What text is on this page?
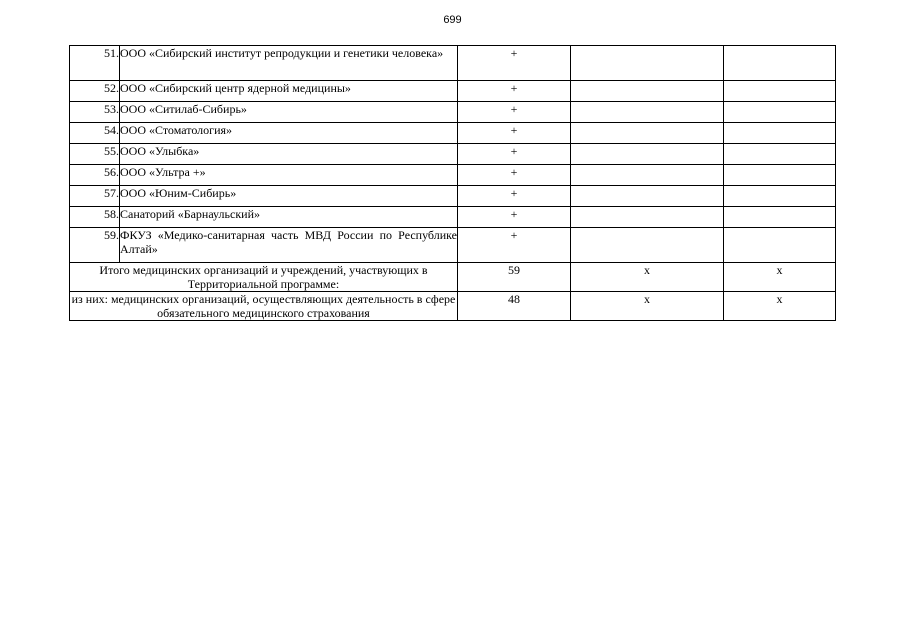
699
51.	ООО «Сибирский институт репродукции и генетики человека»	+		
52.	ООО «Сибирский центр ядерной медицины»	+		
53.	ООО «Ситилаб-Сибирь»	+		
54.	ООО «Стоматология»	+		
55.	ООО «Улыбка»	+		
56.	ООО «Ультра +»	+		
57.	ООО «Юним-Сибирь»	+		
58.	Санаторий «Барнаульский»	+		
59.	ФКУЗ «Медико-санитарная часть МВД России по Республике Алтай»	+		
Итого медицинских организаций и учреждений, участвующих в Территориальной программе:		59	x	x
из них: медицинских организаций, осуществляющих деятельность в сфере обязательного медицинского страхования		48	x	x
